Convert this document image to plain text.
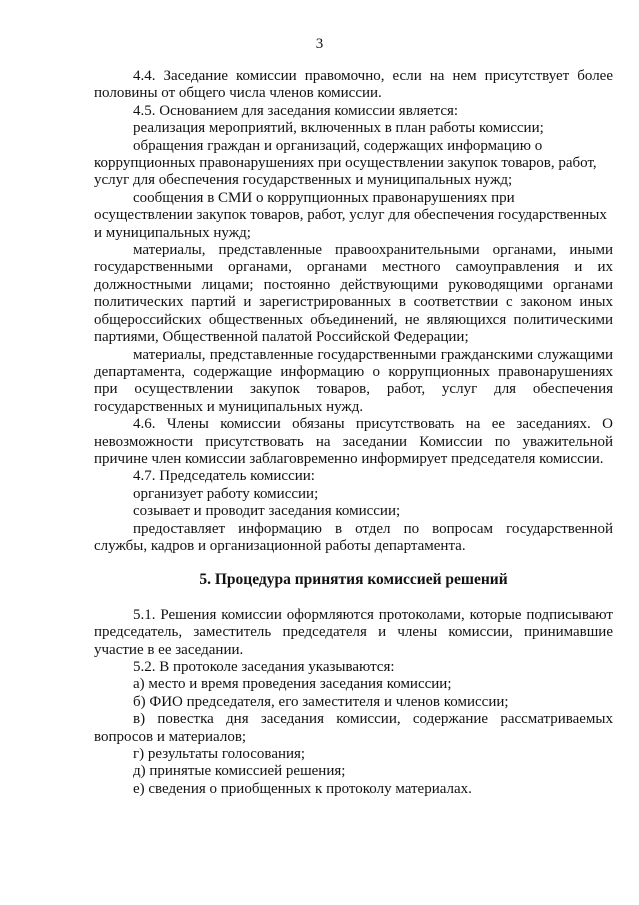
3

4.4. Заседание комиссии правомочно, если на нем присутствует более половины от общего числа членов комиссии.

4.5. Основанием для заседания комиссии является:

реализация мероприятий, включенных в план работы комиссии;

обращения граждан и организаций, содержащих информацию о коррупционных правонарушениях при осуществлении закупок товаров, работ, услуг для обеспечения государственных и муниципальных нужд;

сообщения в СМИ о коррупционных правонарушениях при осуществлении закупок товаров, работ, услуг для обеспечения государственных и муниципальных нужд;

материалы, представленные правоохранительными органами, иными государственными органами, органами местного самоуправления и их должностными лицами; постоянно действующими руководящими органами политических партий и зарегистрированных в соответствии с законом иных общероссийских общественных объединений, не являющихся политическими партиями, Общественной палатой Российской Федерации;

материалы, представленные государственными гражданскими служащими департамента, содержащие информацию о коррупционных правонарушениях при осуществлении закупок товаров, работ, услуг для обеспечения государственных и муниципальных нужд.

4.6. Члены комиссии обязаны присутствовать на ее заседаниях. О невозможности присутствовать на заседании Комиссии по уважительной причине член комиссии заблаговременно информирует председателя комиссии.

4.7. Председатель комиссии:

организует работу комиссии;

созывает и проводит заседания комиссии;

предоставляет информацию в отдел по вопросам государственной службы, кадров и организационной работы департамента.

5. Процедура принятия комиссией решений

5.1. Решения комиссии оформляются протоколами, которые подписывают председатель, заместитель председателя и члены комиссии, принимавшие участие в ее заседании.

5.2. В протоколе заседания указываются:

а) место и время проведения заседания комиссии;

б) ФИО председателя, его заместителя и членов комиссии;

в) повестка дня заседания комиссии, содержание рассматриваемых вопросов и материалов;

г) результаты голосования;

д) принятые комиссией решения;

е) сведения о приобщенных к протоколу материалах.
